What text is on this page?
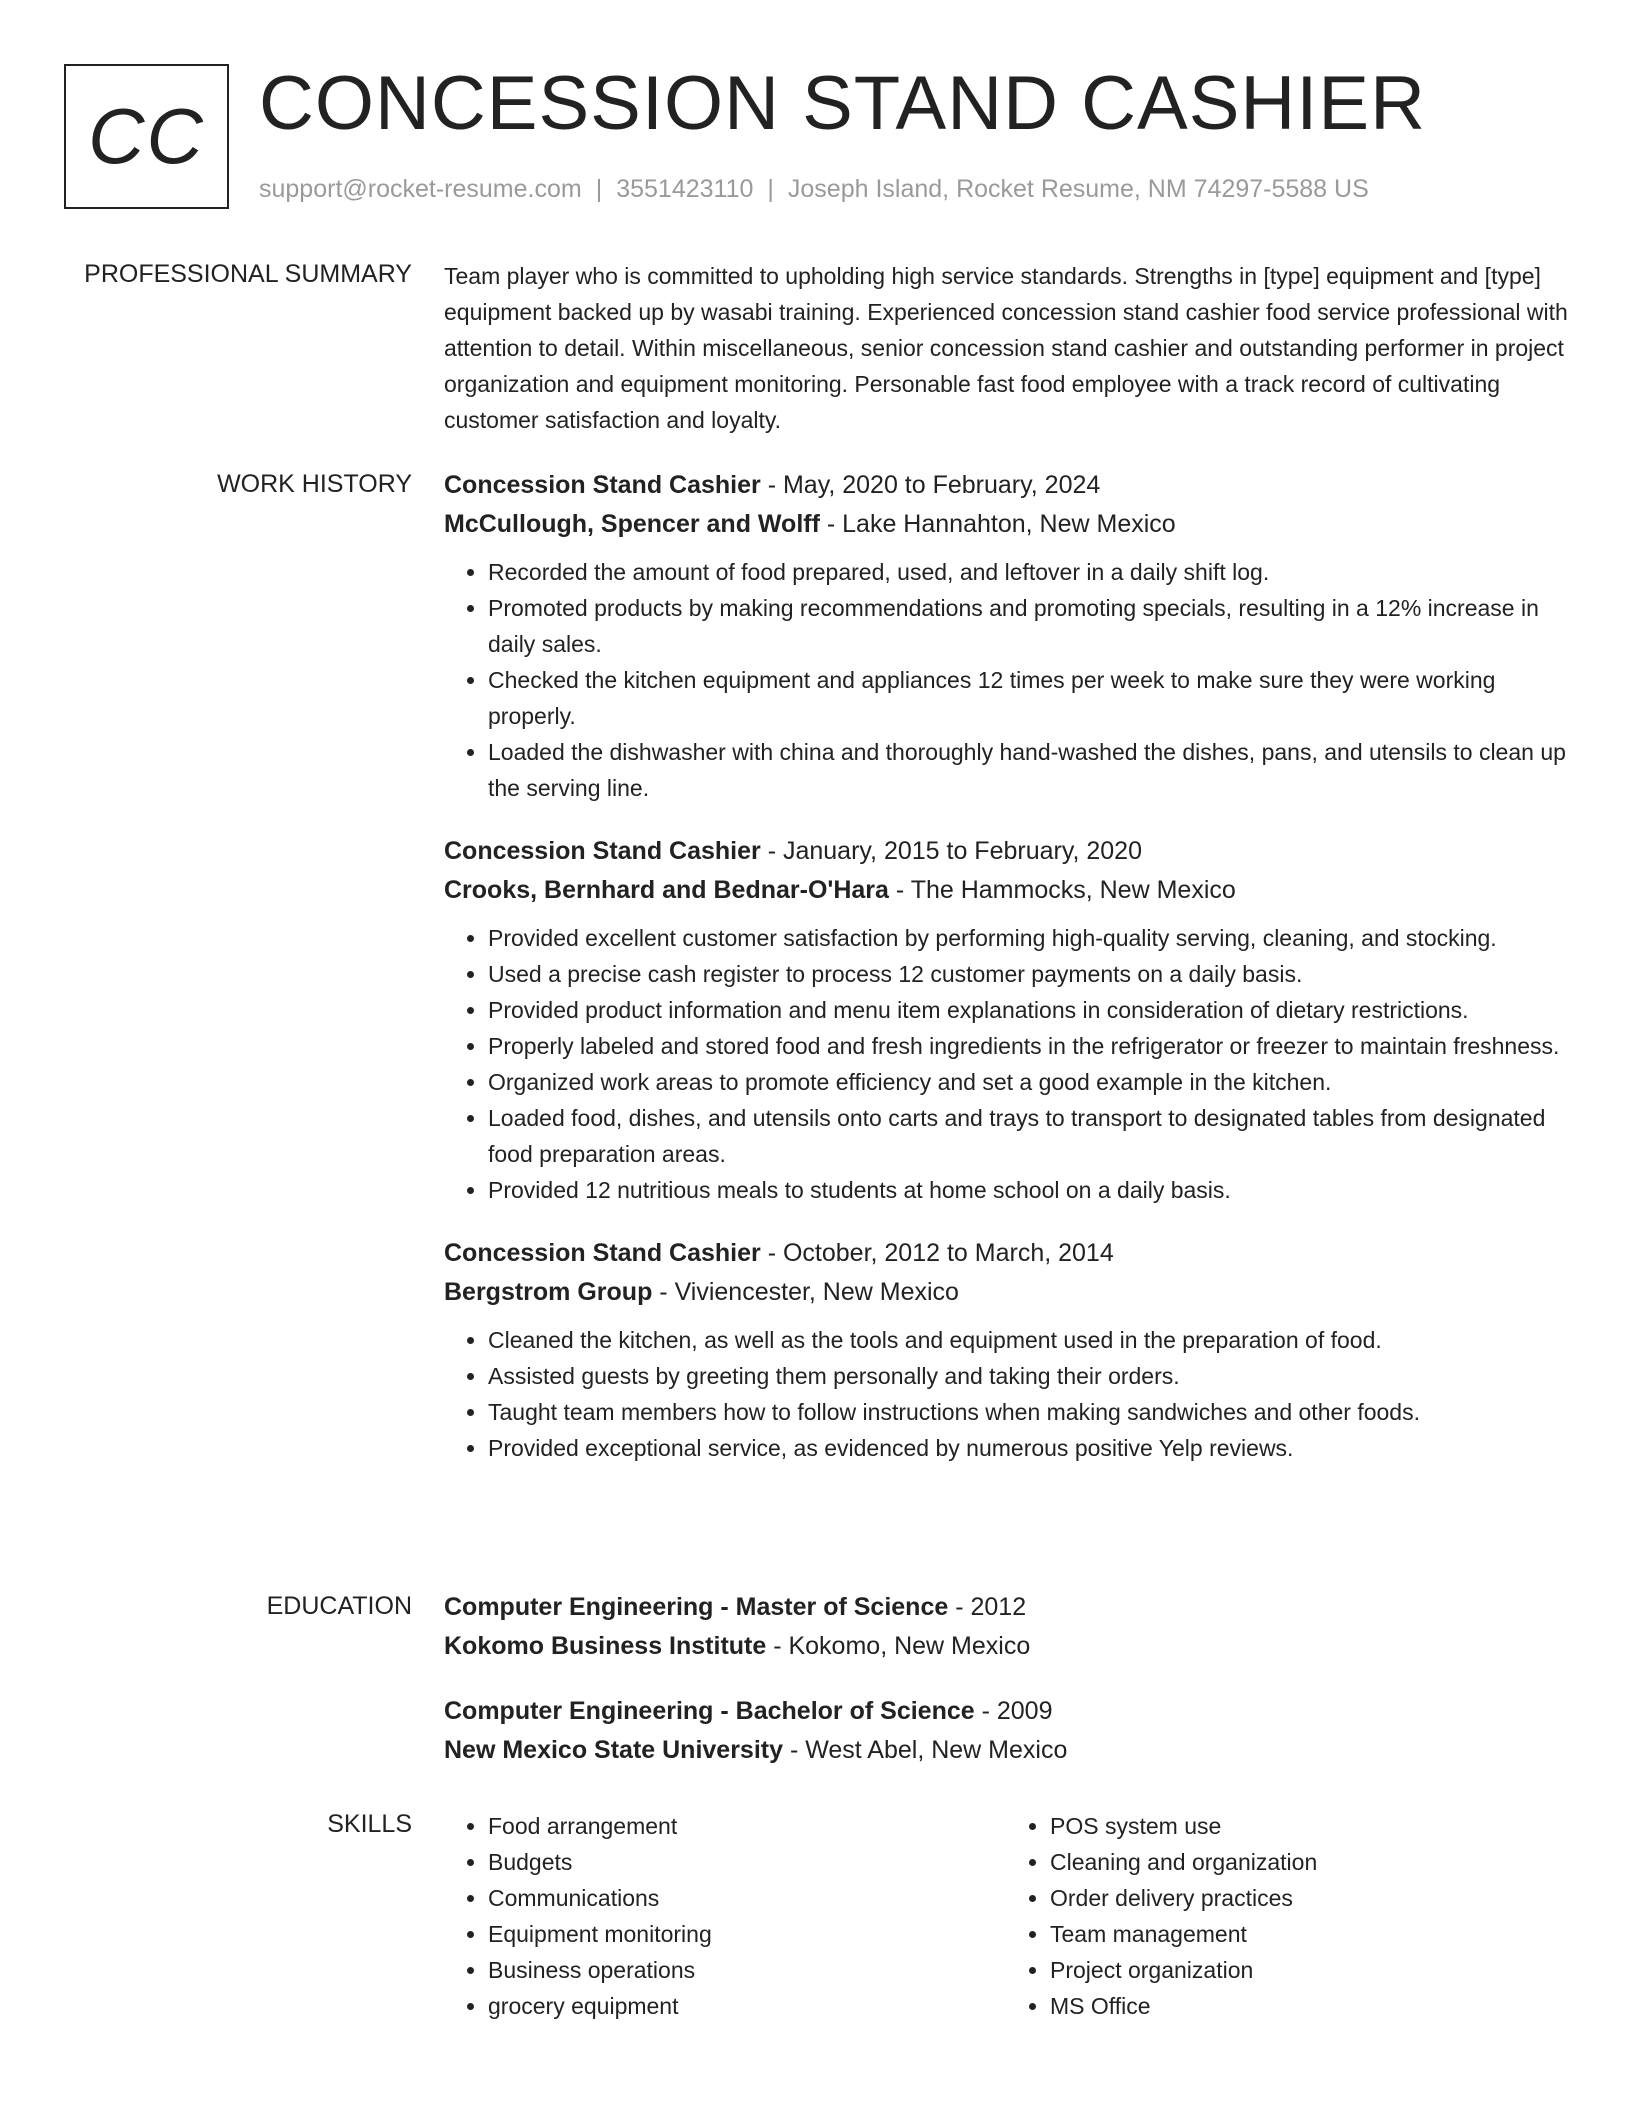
CC CONCESSION STAND CASHIER
support@rocket-resume.com | 3551423110 | Joseph Island, Rocket Resume, NM 74297-5588 US
PROFESSIONAL SUMMARY Team player who is committed to upholding high service standards. Strengths in [type] equipment and [type] equipment backed up by wasabi training. Experienced concession stand cashier food service professional with attention to detail. Within miscellaneous, senior concession stand cashier and outstanding performer in project organization and equipment monitoring. Personable fast food employee with a track record of cultivating customer satisfaction and loyalty.

WORK HISTORY Concession Stand Cashier - May, 2020 to February, 2024
McCullough, Spencer and Wolff - Lake Hannahton, New Mexico
• Recorded the amount of food prepared, used, and leftover in a daily shift log.
• Promoted products by making recommendations and promoting specials, resulting in a 12% increase in daily sales.
• Checked the kitchen equipment and appliances 12 times per week to make sure they were working properly.
• Loaded the dishwasher with china and thoroughly hand-washed the dishes, pans, and utensils to clean up the serving line.
Concession Stand Cashier - January, 2015 to February, 2020
Crooks, Bernhard and Bednar-O'Hara - The Hammocks, New Mexico
• Provided excellent customer satisfaction by performing high-quality serving, cleaning, and stocking.
• Used a precise cash register to process 12 customer payments on a daily basis.
• Provided product information and menu item explanations in consideration of dietary restrictions.
• Properly labeled and stored food and fresh ingredients in the refrigerator or freezer to maintain freshness.
• Organized work areas to promote efficiency and set a good example in the kitchen.
• Loaded food, dishes, and utensils onto carts and trays to transport to designated tables from designated food preparation areas.
• Provided 12 nutritious meals to students at home school on a daily basis.
Concession Stand Cashier - October, 2012 to March, 2014
Bergstrom Group - Viviencester, New Mexico
• Cleaned the kitchen, as well as the tools and equipment used in the preparation of food.
• Assisted guests by greeting them personally and taking their orders.
• Taught team members how to follow instructions when making sandwiches and other foods.
• Provided exceptional service, as evidenced by numerous positive Yelp reviews.
EDUCATION Computer Engineering - Master of Science - 2012
Kokomo Business Institute - Kokomo, New Mexico
Computer Engineering - Bachelor of Science - 2009
New Mexico State University - West Abel, New Mexico
SKILLS
•	Food arrangement
• Budgets
• Communications
• Equipment monitoring
• Business operations
• grocery equipment
• POS system use
• Cleaning and organization
• Order delivery practices
• Team management
• Project organization
• MS Office
